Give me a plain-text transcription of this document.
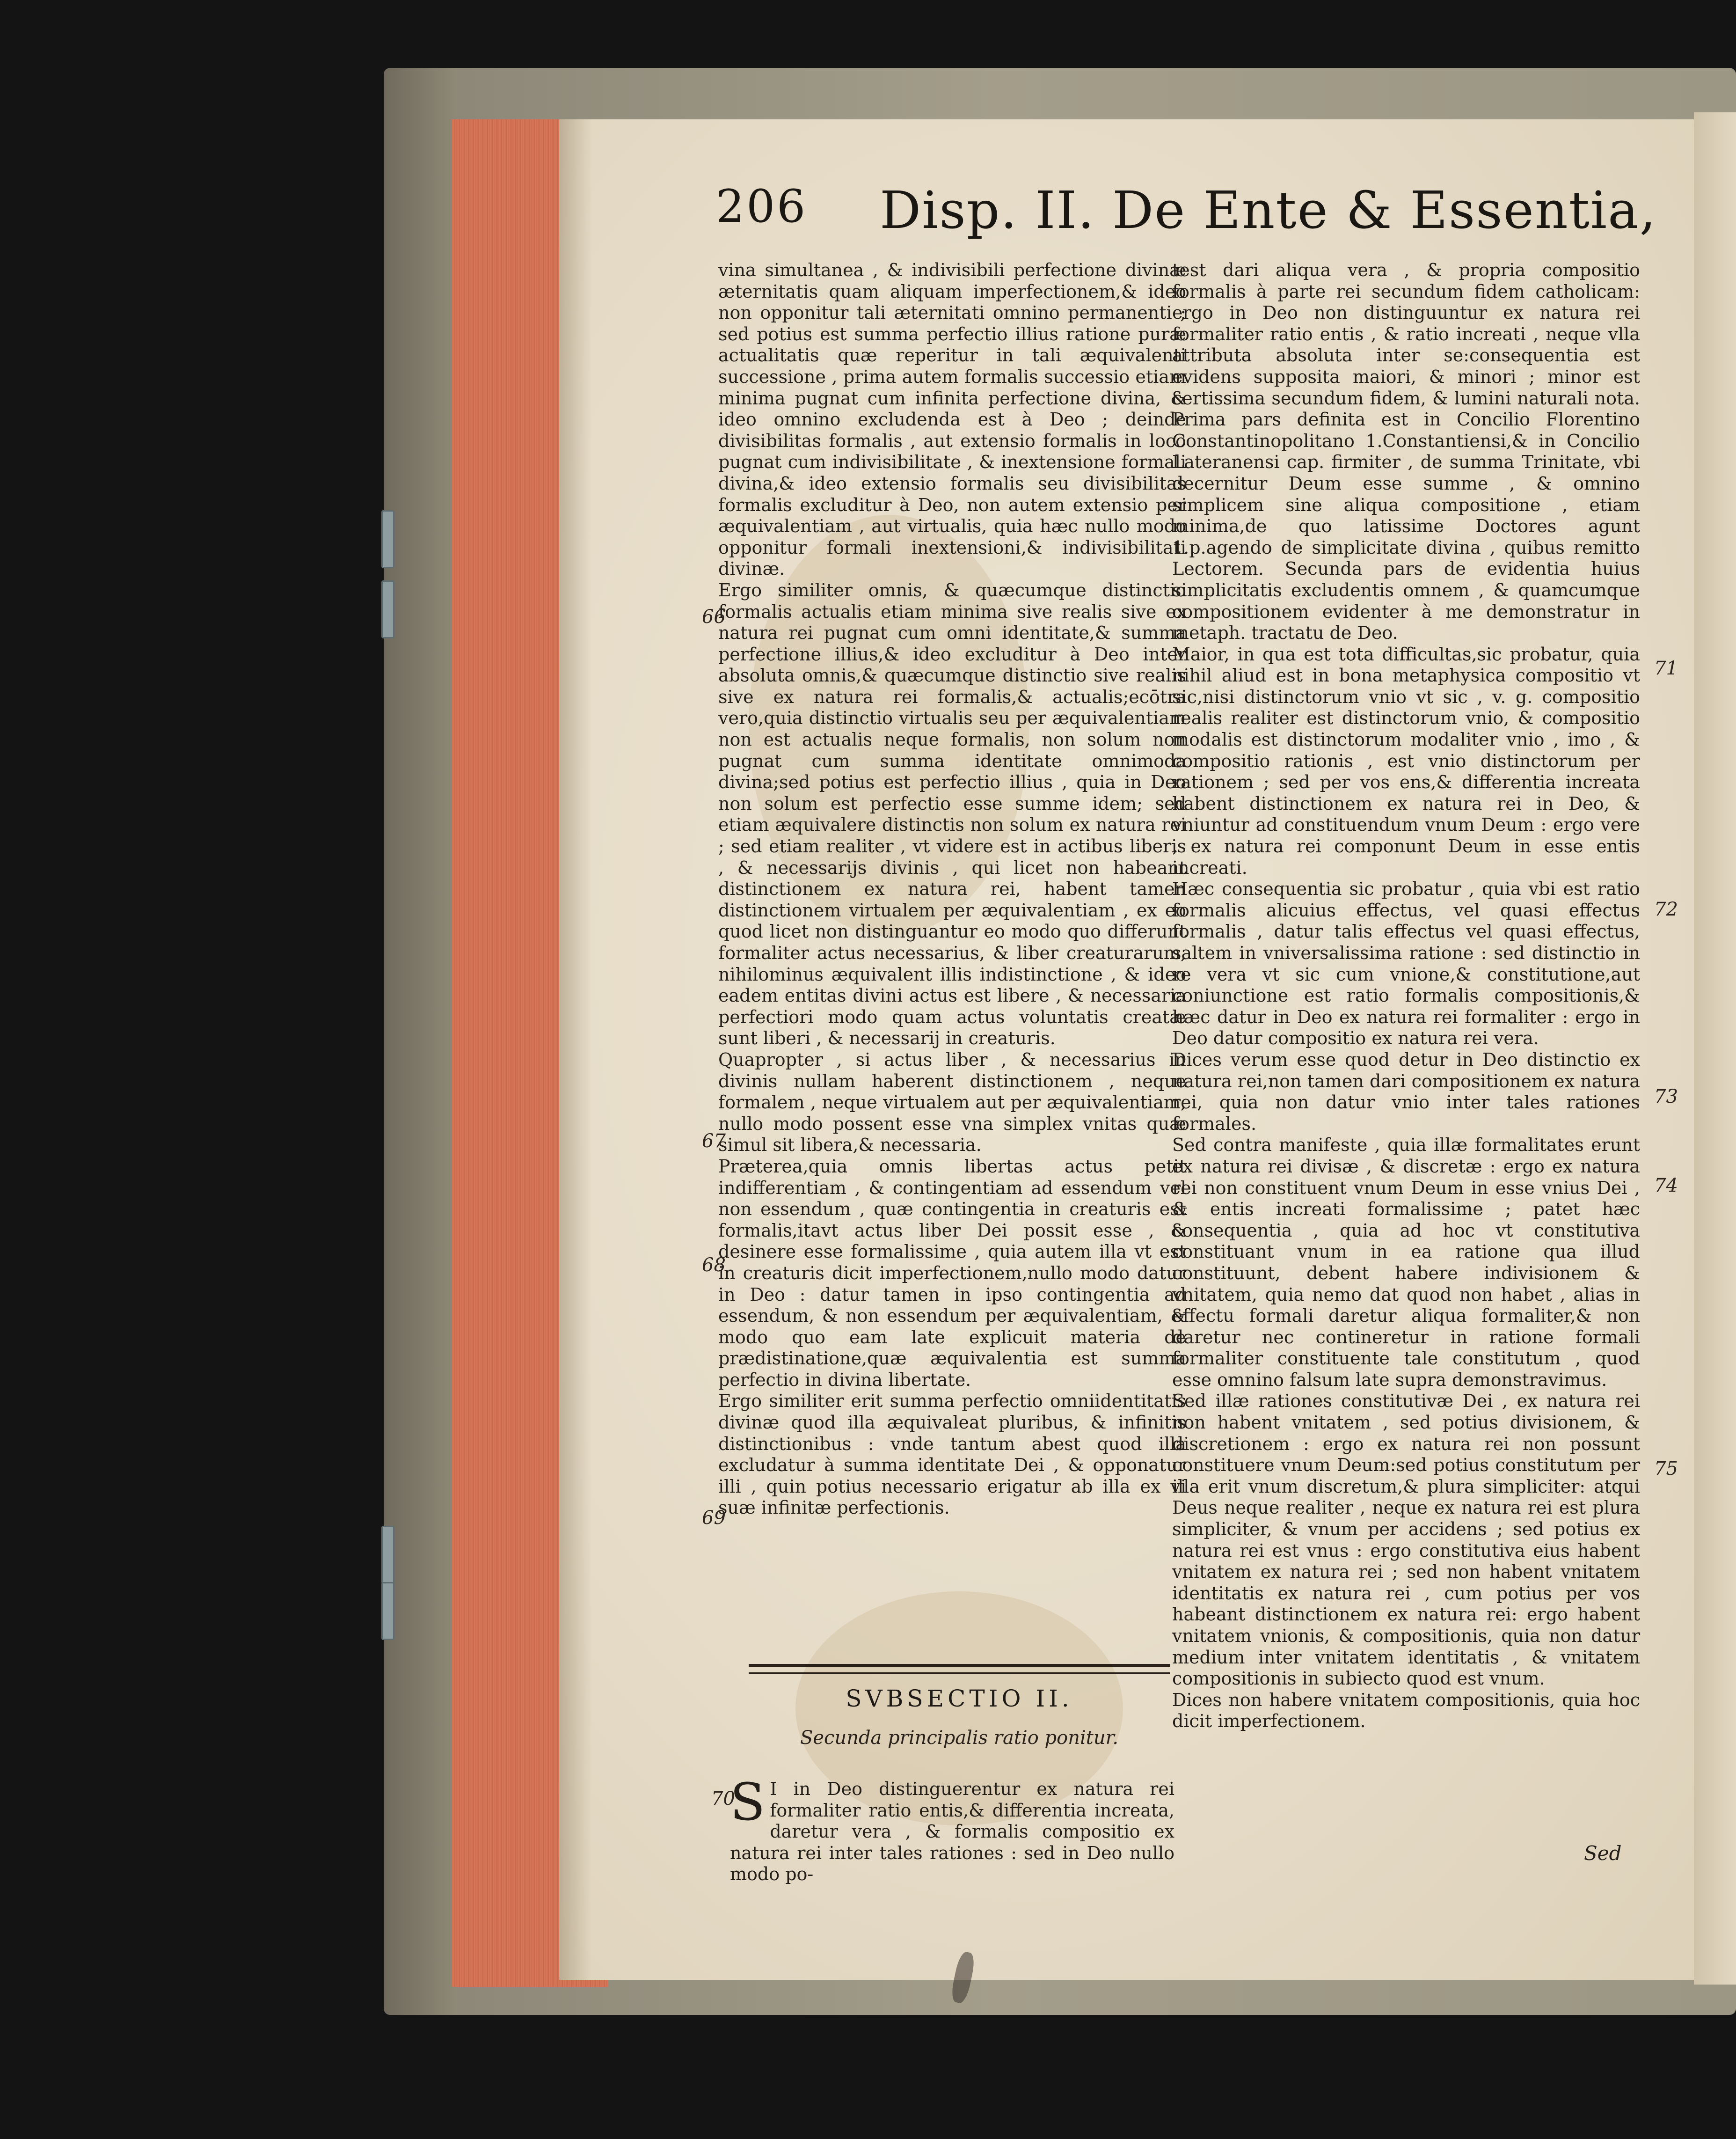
206 Disp. II. De Ente & Essentia,

vina simultanea , & indivisibili perfectione divinæ æternitatis quam aliquam imperfectionem,& ideo non opponitur tali æternitati omnino permanenti ; sed potius est summa perfectio illius ratione puræ actualitatis quæ reperitur in tali æquivalenti successione , prima autem formalis successio etiam minima pugnat cum infinita perfectione divina, & ideo omnino excludenda est à Deo ; deinde divisibilitas formalis , aut extensio formalis in loco pugnat cum indivisibilitate , & inextensione formali divina,& ideo extensio formalis seu divisibilitas formalis excluditur à Deo, non autem extensio per æquivalentiam , aut virtualis, quia hæc nullo modo opponitur formali inextensioni,& indivisibilitati divinæ.

Ergo similiter omnis, & quæcumque distinctio formalis actualis etiam minima sive realis sive ex natura rei pugnat cum omni identitate,& summa perfectione illius,& ideo excluditur à Deo inter absoluta omnis,& quæcumque distinctio sive realis sive ex natura rei formalis,& actualis;ecōtra vero,quia distinctio virtualis seu per æquivalentiam non est actualis neque formalis, non solum non pugnat cum summa identitate omnimoda divina;sed potius est perfectio illius , quia in Deo non solum est perfectio esse summe idem; sed etiam æquivalere distinctis non solum ex natura rei ; sed etiam realiter , vt videre est in actibus liberis , & necessarijs divinis , qui licet non habeant distinctionem ex natura rei, habent tamen distinctionem virtualem per æquivalentiam , ex eo quod licet non distinguantur eo modo quo differunt formaliter actus necessarius, & liber creaturarum, nihilominus æquivalent illis indistinctione , & ideo eadem entitas divini actus est libere , & necessaria perfectiori modo quam actus voluntatis creatæ sunt liberi , & necessarij in creaturis.

Quapropter , si actus liber , & necessarius in divinis nullam haberent distinctionem , neque formalem , neque virtualem aut per æquivalentiam, nullo modo possent esse vna simplex vnitas quæ simul sit libera,& necessaria.

Præterea,quia omnis libertas actus petit indifferentiam , & contingentiam ad essendum vel non essendum , quæ contingentia in creaturis est formalis,itavt actus liber Dei possit esse , & desinere esse formalissime , quia autem illa vt est in creaturis dicit imperfectionem,nullo modo datur in Deo : datur tamen in ipso contingentia ad essendum, & non essendum per æquivalentiam, & modo quo eam late explicuit materia de prædistinatione,quæ æquivalentia est summa perfectio in divina libertate.

Ergo similiter erit summa perfectio omniidentitatis divinæ quod illa æquivaleat pluribus, & infinitis distinctionibus : vnde tantum abest quod illa excludatur à summa identitate Dei , & opponatur illi , quin potius necessario erigatur ab illa ex vi suæ infinitæ perfectionis.

66
67
68
69
70
SVBSECTIO II.
Secunda principalis ratio ponitur.
S I in Deo distinguerentur ex natura rei formaliter ratio entis,& differentia increata, daretur vera , & formalis compositio ex natura rei inter tales rationes : sed in Deo nullo modo po-

test dari aliqua vera , & propria compositio formalis à parte rei secundum fidem catholicam: ergo in Deo non distinguuntur ex natura rei formaliter ratio entis , & ratio increati , neque vlla attributa absoluta inter se:consequentia est evidens supposita maiori, & minori ; minor est certissima secundum fidem, & lumini naturali nota. Prima pars definita est in Concilio Florentino Constantinopolitano 1.Constantiensi,& in Concilio Lateranensi cap. firmiter , de summa Trinitate, vbi decernitur Deum esse summe , & omnino simplicem sine aliqua compositione , etiam minima,de quo latissime Doctores agunt 1.p.agendo de simplicitate divina , quibus remitto Lectorem. Secunda pars de evidentia huius simplicitatis excludentis omnem , & quamcumque compositionem evidenter à me demonstratur in metaph. tractatu de Deo.

Maior, in qua est tota difficultas,sic probatur, quia nihil aliud est in bona metaphysica compositio vt sic,nisi distinctorum vnio vt sic , v. g. compositio realis realiter est distinctorum vnio, & compositio modalis est distinctorum modaliter vnio , imo , & compositio rationis , est vnio distinctorum per rationem ; sed per vos ens,& differentia increata habent distinctionem ex natura rei in Deo, & vniuntur ad constituendum vnum Deum : ergo vere , ex natura rei componunt Deum in esse entis increati.

Hæc consequentia sic probatur , quia vbi est ratio formalis alicuius effectus, vel quasi effectus formalis , datur talis effectus vel quasi effectus, saltem in vniversalissima ratione : sed distinctio in re vera vt sic cum vnione,& constitutione,aut coniunctione est ratio formalis compositionis,& hæc datur in Deo ex natura rei formaliter : ergo in Deo datur compositio ex natura rei vera.

Dices verum esse quod detur in Deo distinctio ex natura rei,non tamen dari compositionem ex natura rei, quia non datur vnio inter tales rationes formales.

Sed contra manifeste , quia illæ formalitates erunt ex natura rei divisæ , & discretæ : ergo ex natura rei non constituent vnum Deum in esse vnius Dei , & entis increati formalissime ; patet hæc consequentia , quia ad hoc vt constitutiva constituant vnum in ea ratione qua illud constituunt, debent habere indivisionem & vnitatem, quia nemo dat quod non habet , alias in effectu formali daretur aliqua formaliter,& non daretur nec contineretur in ratione formali formaliter constituente tale constitutum , quod esse omnino falsum late supra demonstravimus.

Sed illæ rationes constitutivæ Dei , ex natura rei non habent vnitatem , sed potius divisionem, & discretionem : ergo ex natura rei non possunt constituere vnum Deum:sed potius constitutum per illa erit vnum discretum,& plura simpliciter: atqui Deus neque realiter , neque ex natura rei est plura simpliciter, & vnum per accidens ; sed potius ex natura rei est vnus : ergo constitutiva eius habent vnitatem ex natura rei ; sed non habent vnitatem identitatis ex natura rei , cum potius per vos habeant distinctionem ex natura rei: ergo habent vnitatem vnionis, & compositionis, quia non datur medium inter vnitatem identitatis , & vnitatem compositionis in subiecto quod est vnum.

Dices non habere vnitatem compositionis, quia hoc dicit imperfectionem.

71
72
73
74
75
Sed
